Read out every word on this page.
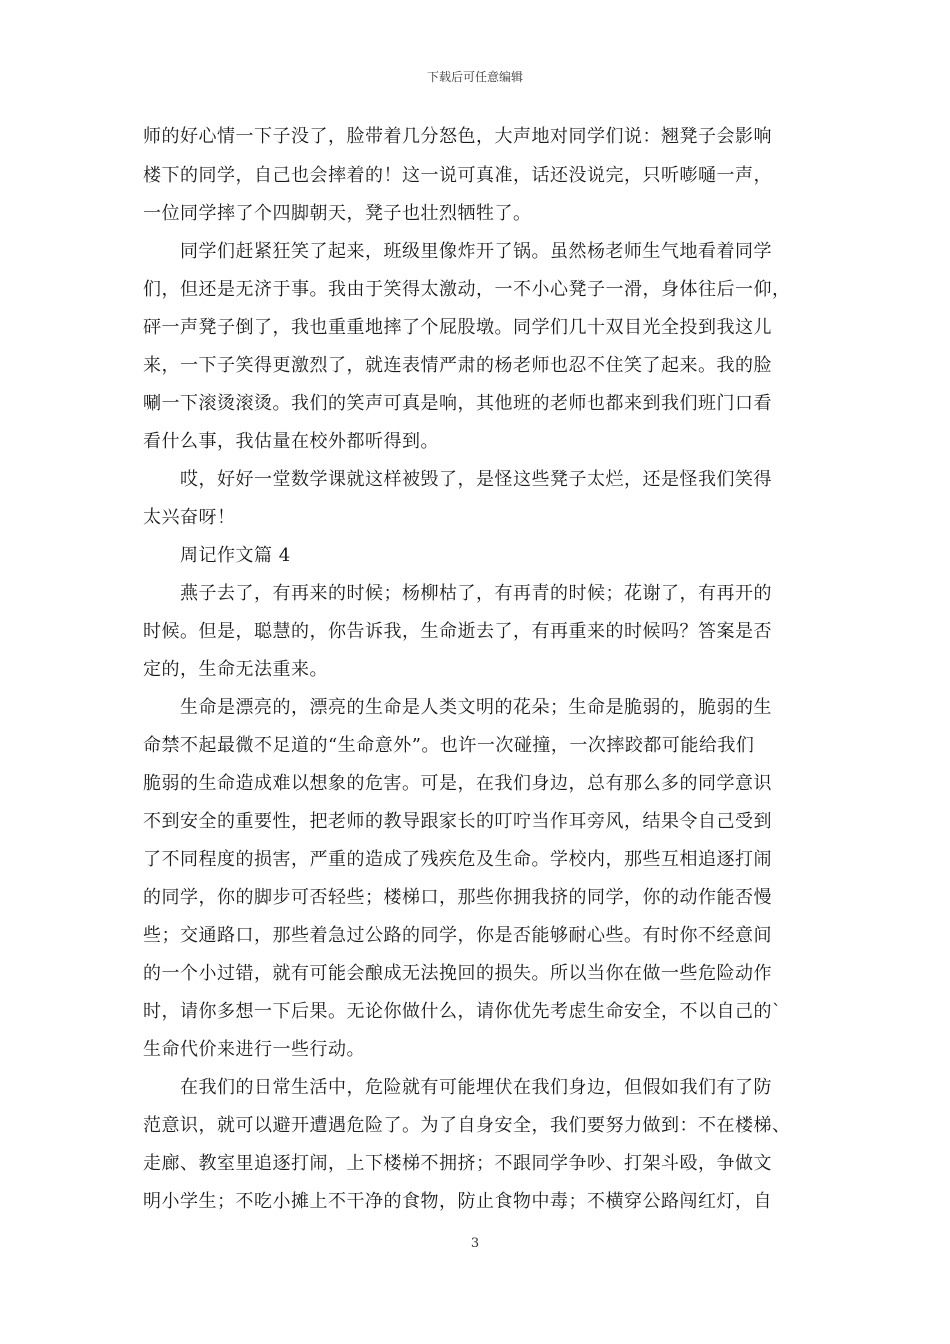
下载后可任意编辑
师的好心情一下子没了，脸带着几分怒色，大声地对同学们说：翘凳子会影响
楼下的同学，自己也会摔着的！这一说可真准，话还没说完，只听嘭嗵一声，
一位同学摔了个四脚朝天，凳子也壮烈牺牲了。
同学们赶紧狂笑了起来，班级里像炸开了锅。虽然杨老师生气地看着同学
们，但还是无济于事。我由于笑得太激动，一不小心凳子一滑，身体往后一仰，
砰一声凳子倒了，我也重重地摔了个屁股墩。同学们几十双目光全投到我这儿
来，一下子笑得更激烈了，就连表情严肃的杨老师也忍不住笑了起来。我的脸
唰一下滚烫滚烫。我们的笑声可真是响，其他班的老师也都来到我们班门口看
看什么事，我估量在校外都听得到。
哎，好好一堂数学课就这样被毁了，是怪这些凳子太烂，还是怪我们笑得
太兴奋呀！
周记作文篇 4
燕子去了，有再来的时候；杨柳枯了，有再青的时候；花谢了，有再开的
时候。但是，聪慧的，你告诉我，生命逝去了，有再重来的时候吗？答案是否
定的，生命无法重来。
生命是漂亮的，漂亮的生命是人类文明的花朵；生命是脆弱的，脆弱的生
命禁不起最微不足道的“生命意外”。也许一次碰撞，一次摔跤都可能给我们
脆弱的生命造成难以想象的危害。可是，在我们身边，总有那么多的同学意识
不到安全的重要性，把老师的教导跟家长的叮咛当作耳旁风，结果令自己受到
了不同程度的损害，严重的造成了残疾危及生命。学校内，那些互相追逐打闹
的同学，你的脚步可否轻些；楼梯口，那些你拥我挤的同学，你的动作能否慢
些；交通路口，那些着急过公路的同学，你是否能够耐心些。有时你不经意间
的一个小过错，就有可能会酿成无法挽回的损失。所以当你在做一些危险动作
时，请你多想一下后果。无论你做什么，请你优先考虑生命安全，不以自己的`
生命代价来进行一些行动。
在我们的日常生活中，危险就有可能埋伏在我们身边，但假如我们有了防
范意识，就可以避开遭遇危险了。为了自身安全，我们要努力做到：不在楼梯、
走廊、教室里追逐打闹，上下楼梯不拥挤；不跟同学争吵、打架斗殴，争做文
明小学生；不吃小摊上不干净的食物，防止食物中毒；不横穿公路闯红灯，自
3
